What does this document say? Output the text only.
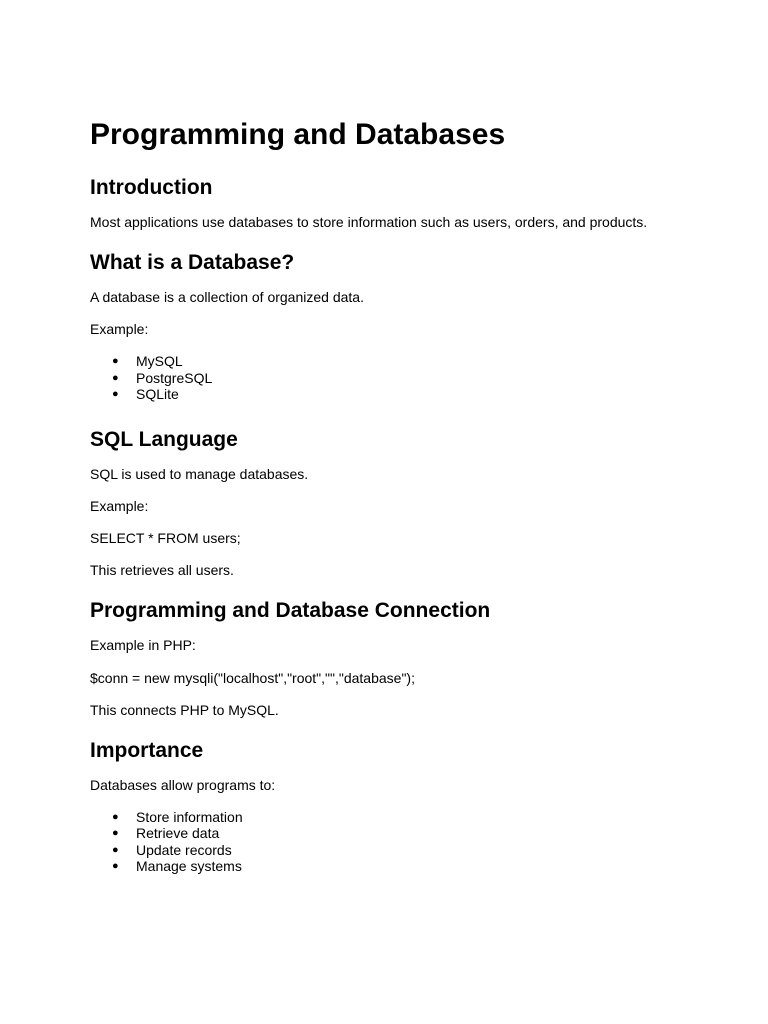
Programming and Databases
Introduction

Most applications use databases to store information such as users, orders, and products.

What is a Database?

A database is a collection of organized data.

Example:

● MySQL
● PostgreSQL
● SQLite
SQL Language

SQL is used to manage databases.

Example:

SELECT * FROM users;

This retrieves all users.

Programming and Database Connection

Example in PHP:

$conn = new mysqli("localhost","root","","database");

This connects PHP to MySQL.

Importance

Databases allow programs to:

● Store information
● Retrieve data
● Update records
● Manage systems
